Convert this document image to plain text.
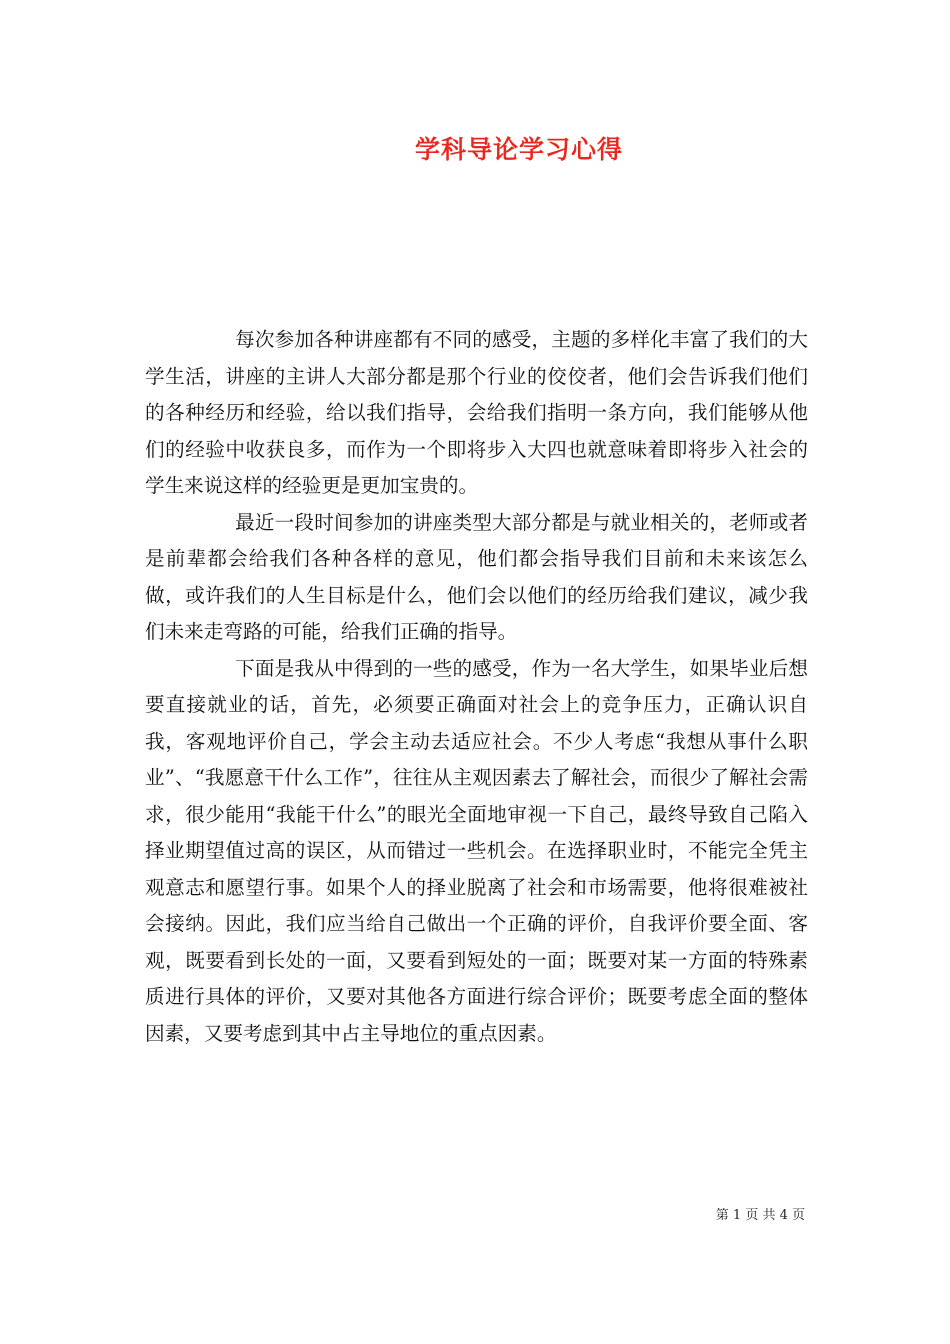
学科导论学习心得

每次参加各种讲座都有不同的感受，主题的多样化丰富了我们的大学生活，讲座的主讲人大部分都是那个行业的佼佼者，他们会告诉我们他们的各种经历和经验，给以我们指导，会给我们指明一条方向，我们能够从他们的经验中收获良多，而作为一个即将步入大四也就意味着即将步入社会的学生来说这样的经验更是更加宝贵的。

最近一段时间参加的讲座类型大部分都是与就业相关的，老师或者是前辈都会给我们各种各样的意见，他们都会指导我们目前和未来该怎么做，或许我们的人生目标是什么，他们会以他们的经历给我们建议，减少我们未来走弯路的可能，给我们正确的指导。

下面是我从中得到的一些的感受，作为一名大学生，如果毕业后想要直接就业的话，首先，必须要正确面对社会上的竞争压力，正确认识自我，客观地评价自己，学会主动去适应社会。不少人考虑“我想从事什么职业”、“我愿意干什么工作”，往往从主观因素去了解社会，而很少了解社会需求，很少能用“我能干什么”的眼光全面地审视一下自己，最终导致自己陷入择业期望值过高的误区，从而错过一些机会。在选择职业时，不能完全凭主观意志和愿望行事。如果个人的择业脱离了社会和市场需要，他将很难被社会接纳。因此，我们应当给自己做出一个正确的评价，自我评价要全面、客观，既要看到长处的一面，又要看到短处的一面；既要对某一方面的特殊素质进行具体的评价，又要对其他各方面进行综合评价；既要考虑全面的整体因素，又要考虑到其中占主导地位的重点因素。

第 1 页 共 4 页
